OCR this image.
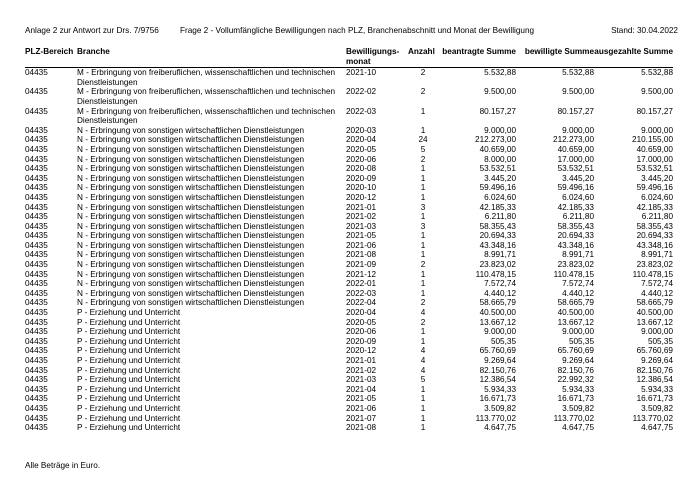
Anlage 2 zur Antwort zur Drs. 7/9756	Frage 2 - Vollumfängliche Bewilligungen nach PLZ, Branchenabschnitt und Monat der Bewilligung	Stand: 30.04.2022
PLZ-Bereich	Branche	Bewilligungs- monat	Anzahl	beantragte Summe	bewilligte Summe	ausgezahlte Summe
04435	M - Erbringung von freiberuflichen, wissenschaftlichen und technischen Dienstleistungen	2021-10	2	5.532,88	5.532,88	5.532,88
04435	M - Erbringung von freiberuflichen, wissenschaftlichen und technischen Dienstleistungen	2022-02	2	9.500,00	9.500,00	9.500,00
04435	M - Erbringung von freiberuflichen, wissenschaftlichen und technischen Dienstleistungen	2022-03	1	80.157,27	80.157,27	80.157,27
04435	N - Erbringung von sonstigen wirtschaftlichen Dienstleistungen	2020-03	1	9.000,00	9.000,00	9.000,00
04435	N - Erbringung von sonstigen wirtschaftlichen Dienstleistungen	2020-04	24	212.273,00	212.273,00	210.155,00
04435	N - Erbringung von sonstigen wirtschaftlichen Dienstleistungen	2020-05	5	40.659,00	40.659,00	40.659,00
04435	N - Erbringung von sonstigen wirtschaftlichen Dienstleistungen	2020-06	2	8.000,00	17.000,00	17.000,00
04435	N - Erbringung von sonstigen wirtschaftlichen Dienstleistungen	2020-08	1	53.532,51	53.532,51	53.532,51
04435	N - Erbringung von sonstigen wirtschaftlichen Dienstleistungen	2020-09	1	3.445,20	3.445,20	3.445,20
04435	N - Erbringung von sonstigen wirtschaftlichen Dienstleistungen	2020-10	1	59.496,16	59.496,16	59.496,16
04435	N - Erbringung von sonstigen wirtschaftlichen Dienstleistungen	2020-12	1	6.024,60	6.024,60	6.024,60
04435	N - Erbringung von sonstigen wirtschaftlichen Dienstleistungen	2021-01	3	42.185,33	42.185,33	42.185,33
04435	N - Erbringung von sonstigen wirtschaftlichen Dienstleistungen	2021-02	1	6.211,80	6.211,80	6.211,80
04435	N - Erbringung von sonstigen wirtschaftlichen Dienstleistungen	2021-03	3	58.355,43	58.355,43	58.355,43
04435	N - Erbringung von sonstigen wirtschaftlichen Dienstleistungen	2021-05	1	20.694,33	20.694,33	20.694,33
04435	N - Erbringung von sonstigen wirtschaftlichen Dienstleistungen	2021-06	1	43.348,16	43.348,16	43.348,16
04435	N - Erbringung von sonstigen wirtschaftlichen Dienstleistungen	2021-08	1	8.991,71	8.991,71	8.991,71
04435	N - Erbringung von sonstigen wirtschaftlichen Dienstleistungen	2021-09	2	23.823,02	23.823,02	23.823,02
04435	N - Erbringung von sonstigen wirtschaftlichen Dienstleistungen	2021-12	1	110.478,15	110.478,15	110.478,15
04435	N - Erbringung von sonstigen wirtschaftlichen Dienstleistungen	2022-01	1	7.572,74	7.572,74	7.572,74
04435	N - Erbringung von sonstigen wirtschaftlichen Dienstleistungen	2022-03	1	4.440,12	4.440,12	4.440,12
04435	N - Erbringung von sonstigen wirtschaftlichen Dienstleistungen	2022-04	2	58.665,79	58.665,79	58.665,79
04435	P - Erziehung und Unterricht	2020-04	4	40.500,00	40.500,00	40.500,00
04435	P - Erziehung und Unterricht	2020-05	2	13.667,12	13.667,12	13.667,12
04435	P - Erziehung und Unterricht	2020-06	1	9.000,00	9.000,00	9.000,00
04435	P - Erziehung und Unterricht	2020-09	1	505,35	505,35	505,35
04435	P - Erziehung und Unterricht	2020-12	4	65.760,69	65.760,69	65.760,69
04435	P - Erziehung und Unterricht	2021-01	4	9.269,64	9.269,64	9.269,64
04435	P - Erziehung und Unterricht	2021-02	4	82.150,76	82.150,76	82.150,76
04435	P - Erziehung und Unterricht	2021-03	5	12.386,54	22.992,32	12.386,54
04435	P - Erziehung und Unterricht	2021-04	1	5.934,33	5.934,33	5.934,33
04435	P - Erziehung und Unterricht	2021-05	1	16.671,73	16.671,73	16.671,73
04435	P - Erziehung und Unterricht	2021-06	1	3.509,82	3.509,82	3.509,82
04435	P - Erziehung und Unterricht	2021-07	1	113.770,02	113.770,02	113.770,02
04435	P - Erziehung und Unterricht	2021-08	1	4.647,75	4.647,75	4.647,75
Alle Beträge in Euro.
